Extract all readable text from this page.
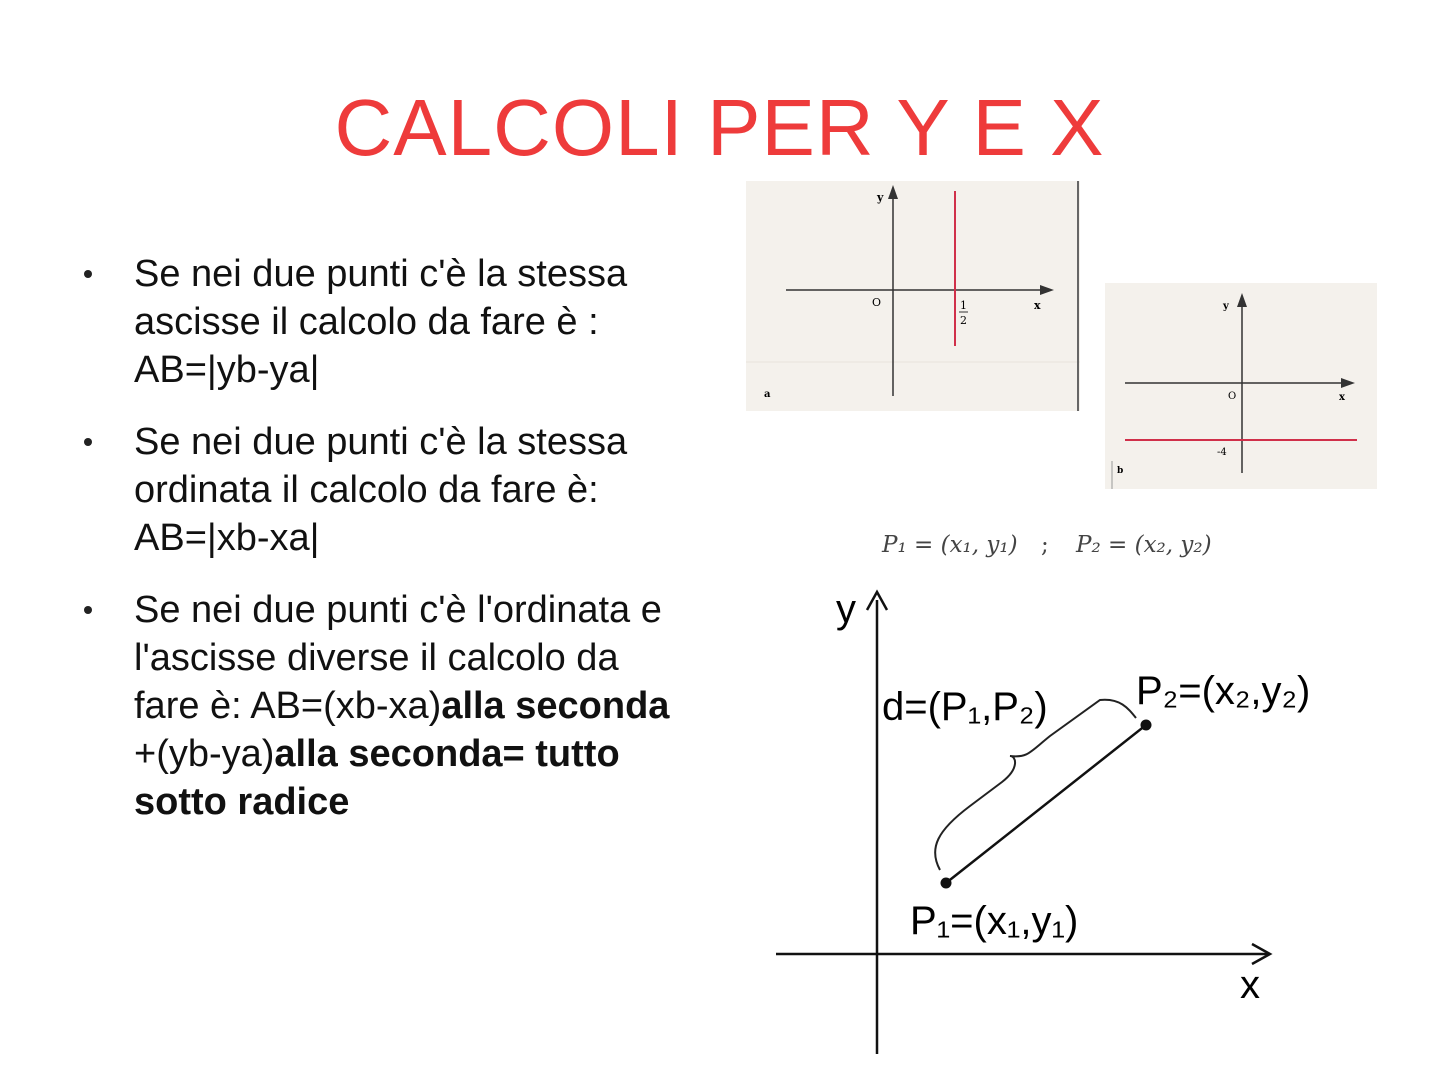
CALCOLI PER Y E X
Se nei due punti c'è la stessa
ascisse il calcolo da fare è :
AB=|yb-ya|
Se nei due punti c'è la stessa
ordinata il calcolo da fare è:
AB=|xb-xa|
Se nei due punti c'è l'ordinata e
l'ascisse diverse il calcolo da
fare è: AB=(xb-xa)alla seconda
+(yb-ya)alla seconda= tutto
sotto radice
y
x
O	1
2
a
y
x
O
-4
b
P₁ = (x₁, y₁) ; P₂ = (x₂, y₂)
y
x
d=(P₁,P₂) P₂=(x₂,y₂)
P₁=(x₁,y₁)
